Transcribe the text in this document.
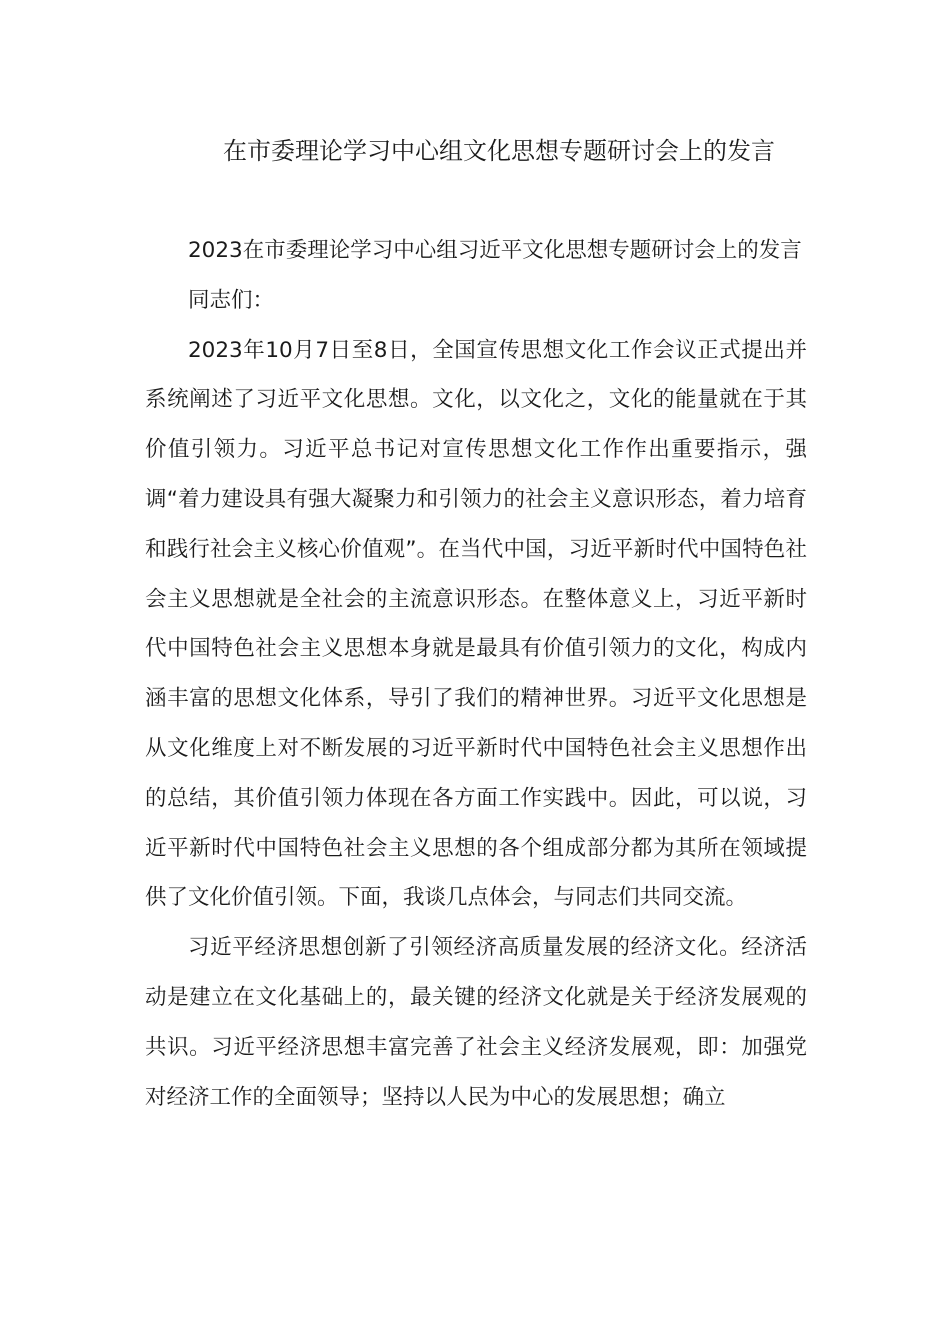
在市委理论学习中心组文化思想专题研讨会上的发言

2023在市委理论学习中心组习近平文化思想专题研讨会上的发言

同志们：

2023年10月7日至8日，全国宣传思想文化工作会议正式提出并系统阐述了习近平文化思想。文化，以文化之，文化的能量就在于其价值引领力。习近平总书记对宣传思想文化工作作出重要指示，强调“着力建设具有强大凝聚力和引领力的社会主义意识形态，着力培育和践行社会主义核心价值观”。在当代中国，习近平新时代中国特色社会主义思想就是全社会的主流意识形态。在整体意义上，习近平新时代中国特色社会主义思想本身就是最具有价值引领力的文化，构成内涵丰富的思想文化体系，导引了我们的精神世界。习近平文化思想是从文化维度上对不断发展的习近平新时代中国特色社会主义思想作出的总结，其价值引领力体现在各方面工作实践中。因此，可以说，习近平新时代中国特色社会主义思想的各个组成部分都为其所在领域提供了文化价值引领。下面，我谈几点体会，与同志们共同交流。

习近平经济思想创新了引领经济高质量发展的经济文化。经济活动是建立在文化基础上的，最关键的经济文化就是关于经济发展观的共识。习近平经济思想丰富完善了社会主义经济发展观，即：加强党对经济工作的全面领导；坚持以人民为中心的发展思想；确立
